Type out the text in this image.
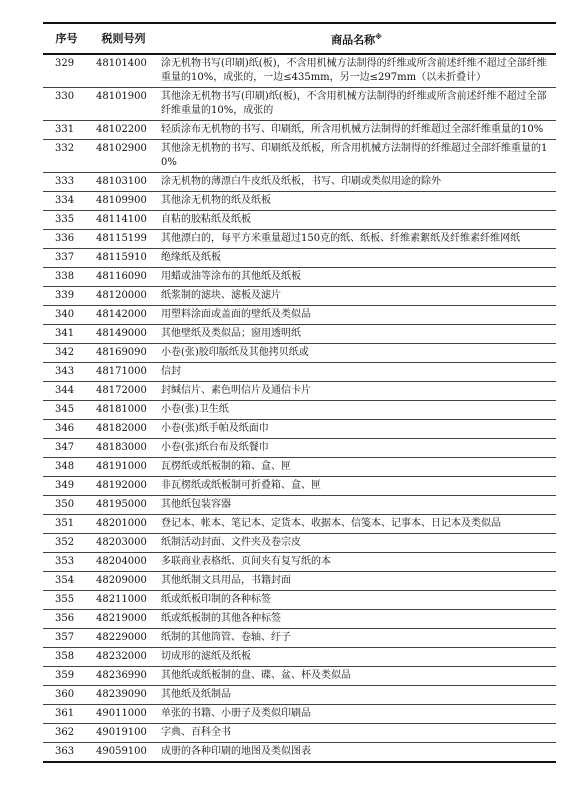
序号	税则号列	商品名称※
329	48101400	涂无机物书写(印刷)纸(板)，不含用机械方法制得的纤维或所含前述纤维不超过全部纤维重量的10%，成张的，一边≤435mm，另一边≤297mm（以未折叠计）
330	48101900	其他涂无机物书写(印刷)纸(板)，不含用机械方法制得的纤维或所含前述纤维不超过全部纤维重量的10%，成张的
331	48102200	轻质涂布无机物的书写、印刷纸，所含用机械方法制得的纤维超过全部纤维重量的10%
332	48102900	其他涂无机物的书写、印刷纸及纸板，所含用机械方法制得的纤维超过全部纤维重量的10%
333	48103100	涂无机物的薄漂白牛皮纸及纸板，书写、印刷或类似用途的除外
334	48109900	其他涂无机物的纸及纸板
335	48114100	自粘的胶粘纸及纸板
336	48115199	其他漂白的，每平方米重量超过150克的纸、纸板、纤维素絮纸及纤维素纤维网纸
337	48115910	绝缘纸及纸板
338	48116090	用蜡或油等涂布的其他纸及纸板
339	48120000	纸浆制的滤块、滤板及滤片
340	48142000	用塑料涂面或盖面的壁纸及类似品
341	48149000	其他壁纸及类似品；窗用透明纸
342	48169090	小卷(张)胶印版纸及其他拷贝纸或
343	48171000	信封
344	48172000	封缄信片、素色明信片及通信卡片
345	48181000	小卷(张)卫生纸
346	48182000	小卷(张)纸手帕及纸面巾
347	48183000	小卷(张)纸台布及纸餐巾
348	48191000	瓦楞纸或纸板制的箱、盒、匣
349	48192000	非瓦楞纸或纸板制可折叠箱、盒、匣
350	48195000	其他纸包装容器
351	48201000	登记本、帐本、笔记本、定货本、收据本、信笺本、记事本、日记本及类似品
352	48203000	纸制活动封面、文件夹及卷宗皮
353	48204000	多联商业表格纸、页间夹有复写纸的本
354	48209000	其他纸制文具用品，书籍封面
355	48211000	纸或纸板印制的各种标签
356	48219000	纸或纸板制的其他各种标签
357	48229000	纸制的其他筒管、卷轴、纡子
358	48232000	切成形的滤纸及纸板
359	48236990	其他纸或纸板制的盘、碟、盆、杯及类似品
360	48239090	其他纸及纸制品
361	49011000	单张的书籍、小册子及类似印刷品
362	49019100	字典、百科全书
363	49059100	成册的各种印刷的地图及类似图表
